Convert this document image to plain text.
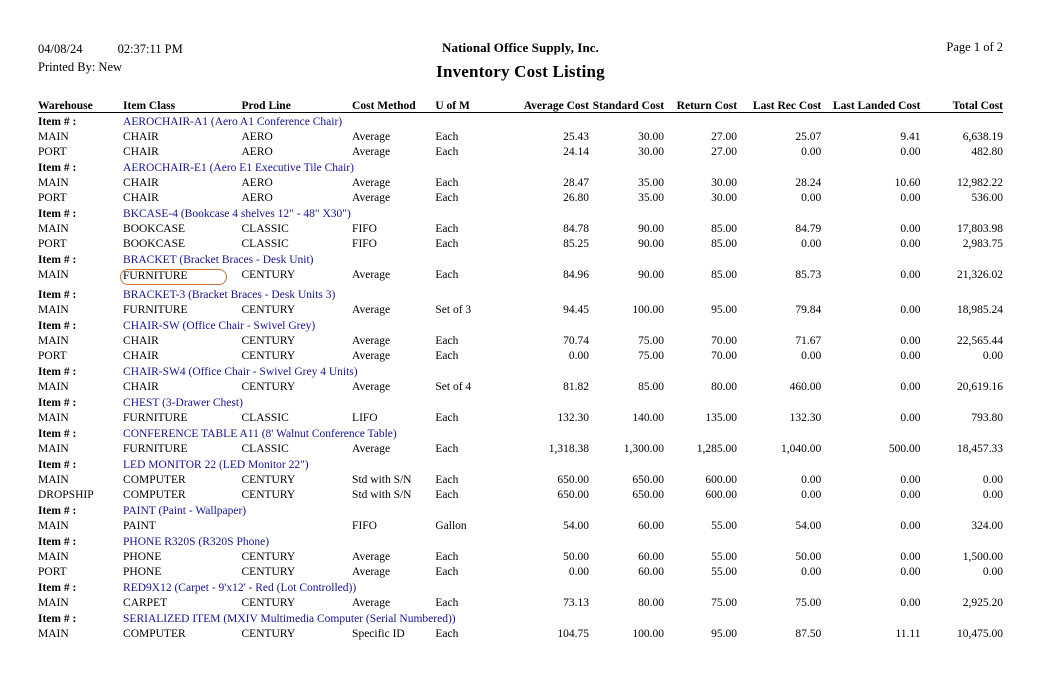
04/08/24	02:37:11 PM
Printed By: New
National Office Supply, Inc.
Inventory Cost Listing
Page 1 of 2
Warehouse	Item Class	Prod Line	Cost Method	U of M	Average Cost	Standard Cost	Return Cost	Last Rec Cost	Last Landed Cost	Total Cost
Item # :	AEROCHAIR-A1 (Aero A1 Conference Chair)									
MAIN	CHAIR	AERO	Average	Each	25.43	30.00	27.00	25.07	9.41	6,638.19
PORT	CHAIR	AERO	Average	Each	24.14	30.00	27.00	0.00	0.00	482.80
Item # :	AEROCHAIR-E1 (Aero E1 Executive Tile Chair)									
MAIN	CHAIR	AERO	Average	Each	28.47	35.00	30.00	28.24	10.60	12,982.22
PORT	CHAIR	AERO	Average	Each	26.80	35.00	30.00	0.00	0.00	536.00
Item # :	BKCASE-4 (Bookcase 4 shelves 12" - 48" X30")									
MAIN	BOOKCASE	CLASSIC	FIFO	Each	84.78	90.00	85.00	84.79	0.00	17,803.98
PORT	BOOKCASE	CLASSIC	FIFO	Each	85.25	90.00	85.00	0.00	0.00	2,983.75
Item # :	BRACKET (Bracket Braces - Desk Unit)									
MAIN	FURNITURE	CENTURY	Average	Each	84.96	90.00	85.00	85.73	0.00	21,326.02
Item # :	BRACKET-3 (Bracket Braces - Desk Units 3)									
MAIN	FURNITURE	CENTURY	Average	Set of 3	94.45	100.00	95.00	79.84	0.00	18,985.24
Item # :	CHAIR-SW (Office Chair - Swivel Grey)									
MAIN	CHAIR	CENTURY	Average	Each	70.74	75.00	70.00	71.67	0.00	22,565.44
PORT	CHAIR	CENTURY	Average	Each	0.00	75.00	70.00	0.00	0.00	0.00
Item # :	CHAIR-SW4 (Office Chair - Swivel Grey 4 Units)									
MAIN	CHAIR	CENTURY	Average	Set of 4	81.82	85.00	80.00	460.00	0.00	20,619.16
Item # :	CHEST (3-Drawer Chest)									
MAIN	FURNITURE	CLASSIC	LIFO	Each	132.30	140.00	135.00	132.30	0.00	793.80
Item # :	CONFERENCE TABLE A11 (8' Walnut Conference Table)									
MAIN	FURNITURE	CLASSIC	Average	Each	1,318.38	1,300.00	1,285.00	1,040.00	500.00	18,457.33
Item # :	LED MONITOR 22 (LED Monitor 22")									
MAIN	COMPUTER	CENTURY	Std with S/N	Each	650.00	650.00	600.00	0.00	0.00	0.00
DROPSHIP	COMPUTER	CENTURY	Std with S/N	Each	650.00	650.00	600.00	0.00	0.00	0.00
Item # :	PAINT (Paint - Wallpaper)									
MAIN	PAINT		FIFO	Gallon	54.00	60.00	55.00	54.00	0.00	324.00
Item # :	PHONE R320S (R320S Phone)									
MAIN	PHONE	CENTURY	Average	Each	50.00	60.00	55.00	50.00	0.00	1,500.00
PORT	PHONE	CENTURY	Average	Each	0.00	60.00	55.00	0.00	0.00	0.00
Item # :	RED9X12 (Carpet - 9'x12' - Red (Lot Controlled))									
MAIN	CARPET	CENTURY	Average	Each	73.13	80.00	75.00	75.00	0.00	2,925.20
Item # :	SERIALIZED ITEM (MXIV Multimedia Computer (Serial Numbered))									
MAIN	COMPUTER	CENTURY	Specific ID	Each	104.75	100.00	95.00	87.50	11.11	10,475.00
